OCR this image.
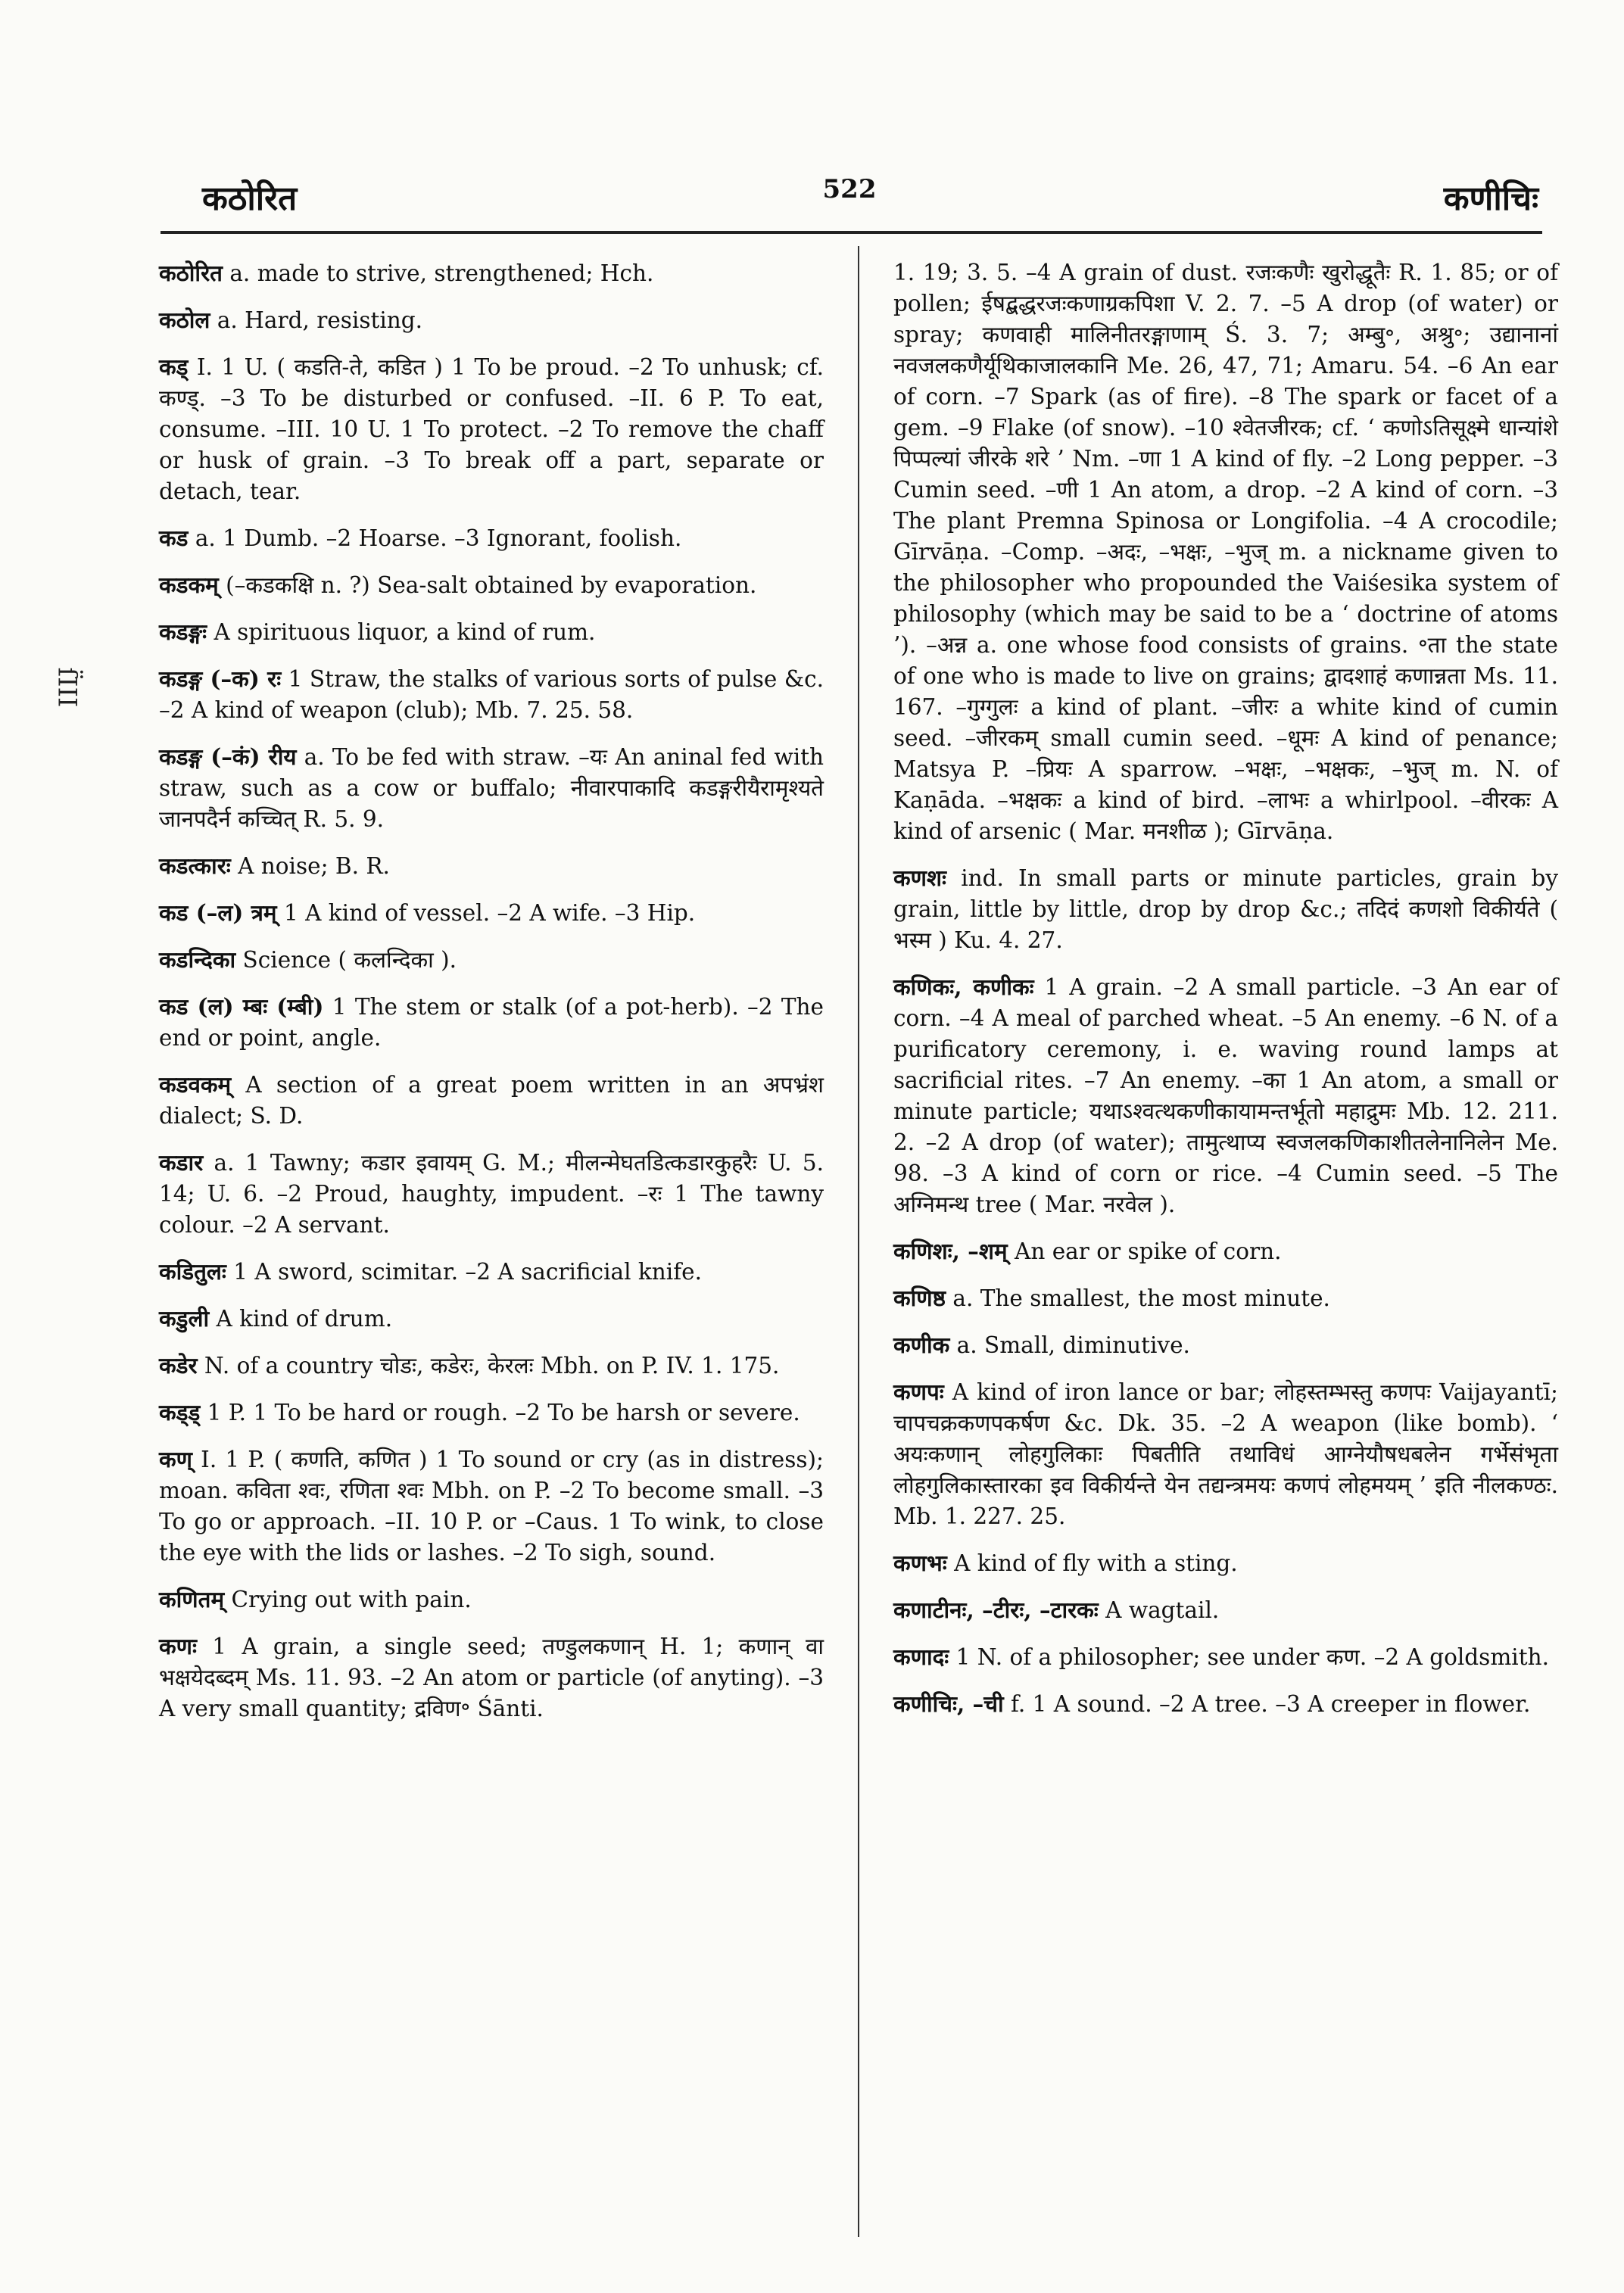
कठोरित	522	कणीचिः
ſ̈III

कठोरित a. made to strive, strengthened; Hch.

कठोल a. Hard, resisting.

कड् I. 1 U. ( कडति-ते, कडित ) 1 To be proud. –2 To unhusk; cf. कण्ड्. –3 To be disturbed or confused. –II. 6 P. To eat, consume. –III. 10 U. 1 To protect. –2 To remove the chaff or husk of grain. –3 To break off a part, separate or detach, tear.

कड a. 1 Dumb. –2 Hoarse. –3 Ignorant, foolish.

कडकम् (–कडकक्षि n. ?) Sea-salt obtained by evaporation.

कडङ्गः A spirituous liquor, a kind of rum.

कडङ्ग (–क) रः 1 Straw, the stalks of various sorts of pulse &c. –2 A kind of weapon (club); Mb. 7. 25. 58.

कडङ्ग (–कं) रीय a. To be fed with straw. –यः An aninal fed with straw, such as a cow or buffalo; नीवारपाकादि कडङ्गरीयैरामृश्यते जानपदैर्न कच्चित् R. 5. 9.

कडत्कारः A noise; B. R.

कड (–ल) त्रम् 1 A kind of vessel. –2 A wife. –3 Hip.

कडन्दिका Science ( कलन्दिका ).

कड (ल) म्बः (म्बी) 1 The stem or stalk (of a pot-herb). –2 The end or point, angle.

कडवकम् A section of a great poem written in an अपभ्रंश dialect; S. D.

कडार a. 1 Tawny; कडार इवायम् G. M.; मीलन्मेघतडित्कडारकुहरैः U. 5. 14; U. 6. –2 Proud, haughty, impudent. –रः 1 The tawny colour. –2 A servant.

कडितुलः 1 A sword, scimitar. –2 A sacrificial knife.

कडुली A kind of drum.

कडेर N. of a country चोडः, कडेरः, केरलः Mbh. on P. IV. 1. 175.

कड्ड् 1 P. 1 To be hard or rough. –2 To be harsh or severe.

कण् I. 1 P. ( कणति, कणित ) 1 To sound or cry (as in distress); moan. कविता श्वः, रणिता श्वः Mbh. on P. –2 To become small. –3 To go or approach. –II. 10 P. or –Caus. 1 To wink, to close the eye with the lids or lashes. –2 To sigh, sound.

कणितम् Crying out with pain.

कणः 1 A grain, a single seed; तण्डुलकणान् H. 1; कणान् वा भक्षयेदब्दम् Ms. 11. 93. –2 An atom or particle (of anyting). –3 A very small quantity; द्रविण॰ Śānti.

1. 19; 3. 5. –4 A grain of dust. रजःकणैः खुरोद्धूतैः R. 1. 85; or of pollen; ईषद्बद्धरजःकणाग्रकपिशा V. 2. 7. –5 A drop (of water) or spray; कणवाही मालिनीतरङ्गाणाम् Ś. 3. 7; अम्बु॰, अश्रु॰; उद्यानानां नवजलकणैर्यूथिकाजालकानि Me. 26, 47, 71; Amaru. 54. –6 An ear of corn. –7 Spark (as of fire). –8 The spark or facet of a gem. –9 Flake (of snow). –10 श्वेतजीरक; cf. ‘ कणोऽतिसूक्ष्मे धान्यांशे पिप्पल्यां जीरके शरे ’ Nm. –णा 1 A kind of fly. –2 Long pepper. –3 Cumin seed. –णी 1 An atom, a drop. –2 A kind of corn. –3 The plant Premna Spinosa or Longifolia. –4 A crocodile; Gīrvāṇa. –Comp. –अदः, –भक्षः, –भुज् m. a nickname given to the philosopher who propounded the Vaiśesika system of philosophy (which may be said to be a ‘ doctrine of atoms ’). –अन्न a. one whose food consists of grains. ॰ता the state of one who is made to live on grains; द्वादशाहं कणान्नता Ms. 11. 167. –गुग्गुलः a kind of plant. –जीरः a white kind of cumin seed. –जीरकम् small cumin seed. –धूमः A kind of penance; Matsya P. –प्रियः A sparrow. –भक्षः, –भक्षकः, –भुज् m. N. of Kaṇāda. –भक्षकः a kind of bird. –लाभः a whirlpool. –वीरकः A kind of arsenic ( Mar. मनशीळ ); Gīrvāṇa.

कणशः ind. In small parts or minute particles, grain by grain, little by little, drop by drop &c.; तदिदं कणशो विकीर्यते ( भस्म ) Ku. 4. 27.

कणिकः, कणीकः 1 A grain. –2 A small particle. –3 An ear of corn. –4 A meal of parched wheat. –5 An enemy. –6 N. of a purificatory ceremony, i. e. waving round lamps at sacrificial rites. –7 An enemy. –का 1 An atom, a small or minute particle; यथाऽश्वत्थकणीकायामन्तर्भूतो महाद्रुमः Mb. 12. 211. 2. –2 A drop (of water); तामुत्थाप्य स्वजलकणिकाशीतलेनानिलेन Me. 98. –3 A kind of corn or rice. –4 Cumin seed. –5 The अग्निमन्थ tree ( Mar. नरवेल ).

कणिशः, –शम् An ear or spike of corn.

कणिष्ठ a. The smallest, the most minute.

कणीक a. Small, diminutive.

कणपः A kind of iron lance or bar; लोहस्तम्भस्तु कणपः Vaijayantī; चापचक्रकणपकर्षण &c. Dk. 35. –2 A weapon (like bomb). ‘ अयःकणान् लोहगुलिकाः पिबतीति तथाविधं आग्नेयौषधबलेन गर्भेसंभृता लोहगुलिकास्तारका इव विकीर्यन्ते येन तद्यन्त्रमयः कणपं लोहमयम् ’ इति नीलकण्ठः. Mb. 1. 227. 25.

कणभः A kind of fly with a sting.

कणाटीनः, –टीरः, –टारकः A wagtail.

कणादः 1 N. of a philosopher; see under कण. –2 A goldsmith.

कणीचिः, –ची f. 1 A sound. –2 A tree. –3 A creeper in flower.
